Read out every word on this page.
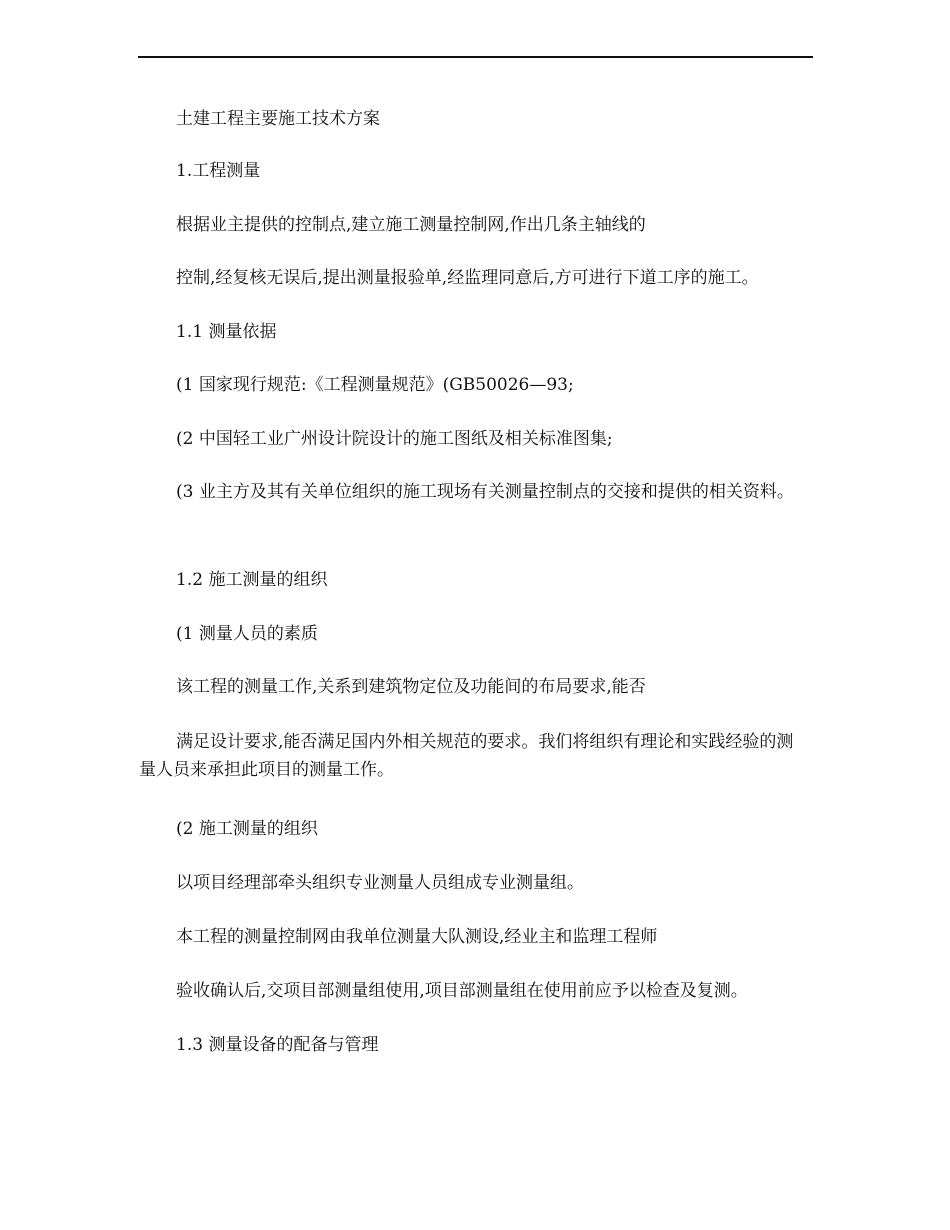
土建工程主要施工技术方案
1.工程测量
根据业主提供的控制点,建立施工测量控制网,作出几条主轴线的
控制,经复核无误后,提出测量报验单,经监理同意后,方可进行下道工序的施工。
1.1 测量依据
(1 国家现行规范:《工程测量规范》(GB50026—93;
(2 中国轻工业广州设计院设计的施工图纸及相关标准图集;
(3 业主方及其有关单位组织的施工现场有关测量控制点的交接和提供的相关资料。
1.2 施工测量的组织
(1 测量人员的素质
该工程的测量工作,关系到建筑物定位及功能间的布局要求,能否
满足设计要求,能否满足国内外相关规范的要求。我们将组织有理论和实践经验的测量人员来承担此项目的测量工作。
(2 施工测量的组织
以项目经理部牵头组织专业测量人员组成专业测量组。
本工程的测量控制网由我单位测量大队测设,经业主和监理工程师
验收确认后,交项目部测量组使用,项目部测量组在使用前应予以检查及复测。
1.3 测量设备的配备与管理
